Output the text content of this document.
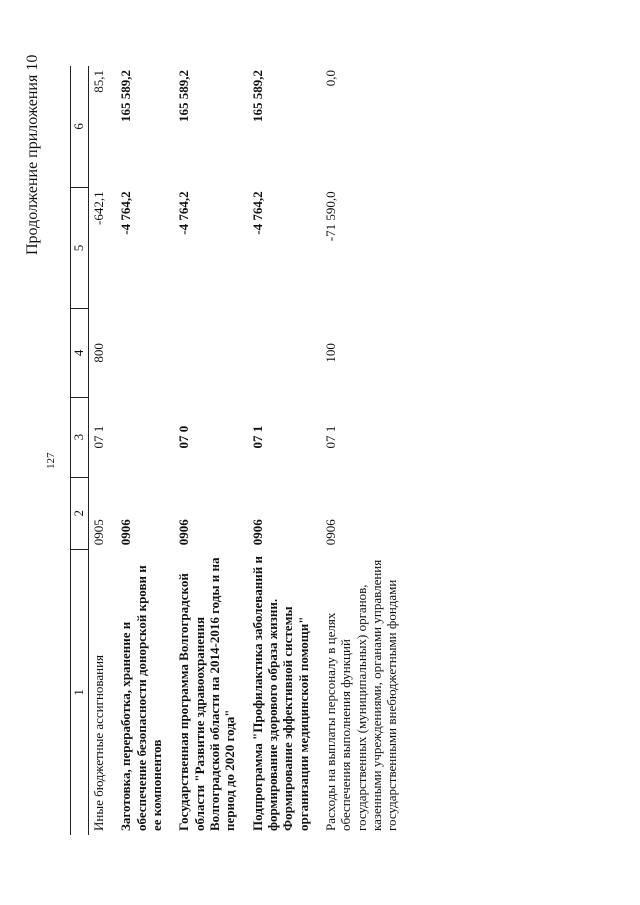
127
Продолжение приложения 10
1	2	3	4	5	6
Иные бюджетные ассигнования	0905	07 1	800	-642,1	85,1
Заготовка, переработка, хранение и обеспечение безопасности донорской крови и ее компонентов	0906			-4 764,2	165 589,2
Государственная программа Волгоградской области "Развитие здравоохранения Волгоградской области на 2014-2016 годы и на период до 2020 года"	0906	07 0		-4 764,2	165 589,2
Подпрограмма "Профилактика заболеваний и формирование здорового образа жизни. Формирование эффективной системы организации медицинской помощи"	0906	07 1		-4 764,2	165 589,2
Расходы на выплаты персоналу в целях обеспечения выполнения функций государственных (муниципальных) органов, казенными учреждениями, органами управления государственными внебюджетными фондами	0906	07 1	100	-71 590,0	0,0
